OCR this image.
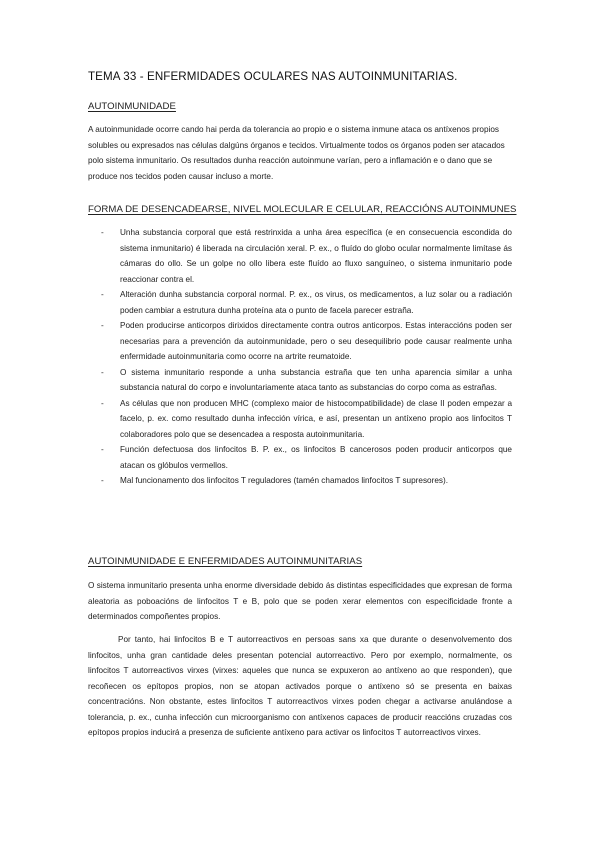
TEMA 33 - ENFERMIDADES OCULARES NAS AUTOINMUNITARIAS.
AUTOINMUNIDADE

A autoinmunidade ocorre cando hai perda da tolerancia ao propio e o sistema inmune ataca os antíxenos propios solubles ou expresados nas células dalgúns órganos e tecidos. Virtualmente todos os órganos poden ser atacados polo sistema inmunitario. Os resultados dunha reacción autoinmune varían, pero a inflamación e o dano que se produce nos tecidos poden causar incluso a morte.

FORMA DE DESENCADEARSE, NIVEL MOLECULAR E CELULAR, REACCIÓNS AUTOINMUNES
- Unha substancia corporal que está restrinxida a unha área específica (e en consecuencia escondida do sistema inmunitario) é liberada na circulación xeral. P. ex., o fluído do globo ocular normalmente limítase ás cámaras do ollo. Se un golpe no ollo libera este fluído ao fluxo sanguíneo, o sistema inmunitario pode reaccionar contra el.
- Alteración dunha substancia corporal normal. P. ex., os virus, os medicamentos, a luz solar ou a radiación poden cambiar a estrutura dunha proteína ata o punto de facela parecer estraña.
- Poden producirse anticorpos dirixidos directamente contra outros anticorpos. Estas interaccións poden ser necesarias para a prevención da autoinmunidade, pero o seu desequilibrio pode causar realmente unha enfermidade autoinmunitaria como ocorre na artrite reumatoide.
- O sistema inmunitario responde a unha substancia estraña que ten unha aparencia similar a unha substancia natural do corpo e involuntariamente ataca tanto as substancias do corpo coma as estrañas.
- As células que non producen MHC (complexo maior de histocompatibilidade) de clase II poden empezar a facelo, p. ex. como resultado dunha infección vírica, e así, presentan un antíxeno propio aos linfocitos T colaboradores polo que se desencadea a resposta autoinmunitaria.
- Función defectuosa dos linfocitos B. P. ex., os linfocitos B cancerosos poden producir anticorpos que atacan os glóbulos vermellos.
- Mal funcionamento dos linfocitos T reguladores (tamén chamados linfocitos T supresores).
AUTOINMUNIDADE E ENFERMIDADES AUTOINMUNITARIAS

O sistema inmunitario presenta unha enorme diversidade debido ás distintas especificidades que expresan de forma aleatoria as poboacións de linfocitos T e B, polo que se poden xerar elementos con especificidade fronte a determinados compoñentes propios.

Por tanto, hai linfocitos B e T autorreactivos en persoas sans xa que durante o desenvolvemento dos linfocitos, unha gran cantidade deles presentan potencial autorreactivo. Pero por exemplo, normalmente, os linfocitos T autorreactivos virxes (virxes: aqueles que nunca se expuxeron ao antíxeno ao que responden), que recoñecen os epítopos propios, non se atopan activados porque o antíxeno só se presenta en baixas concentracións. Non obstante, estes linfocitos T autorreactivos virxes poden chegar a activarse anulándose a tolerancia, p. ex., cunha infección cun microorganismo con antíxenos capaces de producir reaccións cruzadas cos epítopos propios inducirá a presenza de suficiente antíxeno para activar os linfocitos T autorreactivos virxes.
